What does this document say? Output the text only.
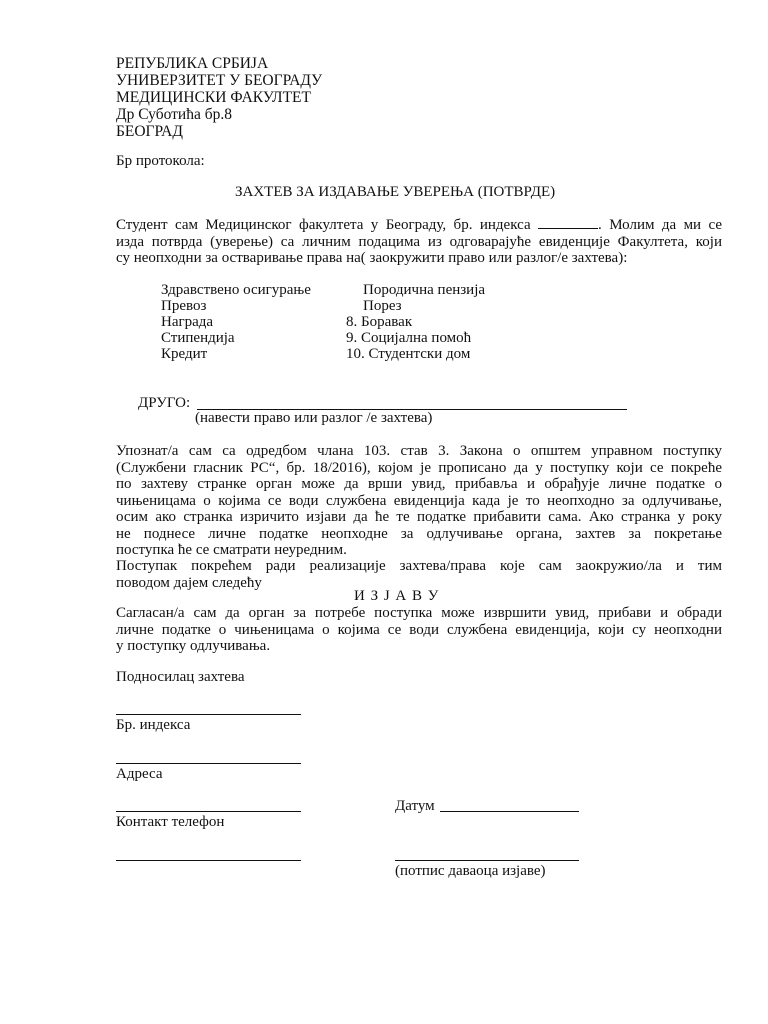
РЕПУБЛИКА СРБИЈА
УНИВЕРЗИТЕТ У БЕОГРАДУ
МЕДИЦИНСКИ ФАКУЛТЕТ
Др Суботића бр.8
БЕОГРАД
Бр протокола:
ЗАХТЕВ ЗА ИЗДАВАЊЕ УВЕРЕЊА (ПОТВРДЕ)
Студент сам Медицинског факултета у Београду, бр. индекса	. Молим да ми се
изда потврда (уверење) са личним подацима из одговарајуће евиденције Факултета, који
су неопходни за остваривање права на( заокружити право или разлог/е захтева):
Здравствено осигурање
Превоз
Награда
Стипендија
Кредит
Породична пензија
Порез
8. Боравак
9. Социјална помоћ
10. Студентски дом
ДРУГО:
(навести право или разлог /е захтева)
Упознат/а сам са одредбом члана 103. став 3. Закона о општем управном поступку
(Службени гласник РС“, бр. 18/2016), којом је прописано да у поступку који се покреће
по захтеву странке орган може да врши увид, прибавља и обрађује личне податке о
чињеницама о којима се води службена евиденција када је то неопходно за одлучивање,
осим ако странка изричито изјави да ће те податке прибавити сама. Ако странка у року
не поднесе личне податке неопходне за одлучивање органа, захтев за покретање
поступка ће се сматрати неуредним.
Поступак покрећем ради реализације захтева/права које сам заокружио/ла и тим
поводом дајем следећу
И З Ј А В У
Сагласан/а сам да орган за потребе поступка може извршити увид, прибави и обради
личне податке о чињеницама о којима се води службена евиденција, који су неопходни
у поступку одлучивања.
Подносилац захтева
Бр. индекса
Адреса
Контакт телефон
Датум
(потпис даваоца изјаве)
